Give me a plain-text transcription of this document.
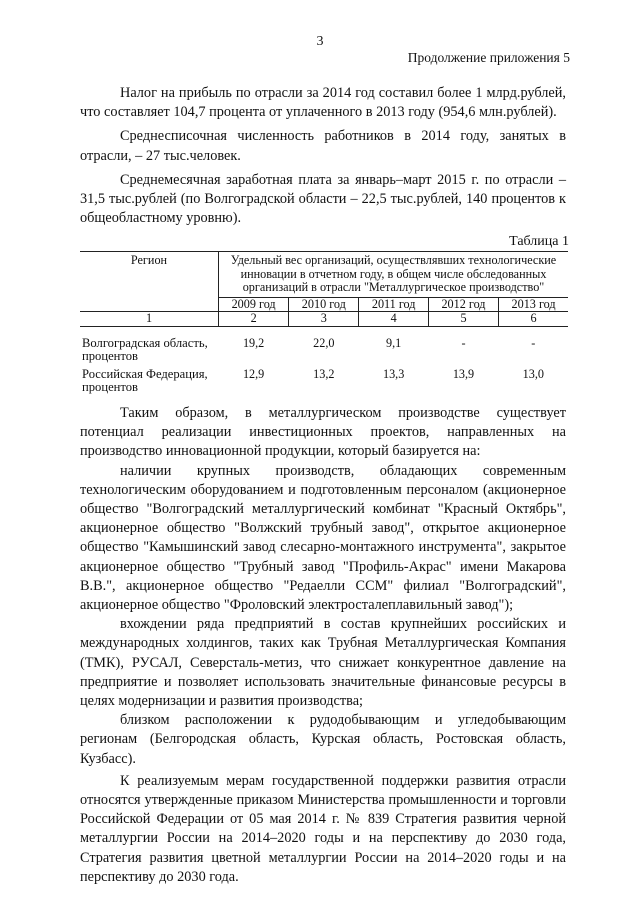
3
Продолжение приложения 5

Налог на прибыль по отрасли за 2014 год составил более 1 млрд.рублей, что составляет 104,7 процента от уплаченного в 2013 году (954,6 млн.рублей).

Среднесписочная численность работников в 2014 году, занятых в отрасли, – 27 тыс.человек.

Среднемесячная заработная плата за январь–март 2015 г. по отрасли – 31,5 тыс.рублей (по Волгоградской области – 22,5 тыс.рублей, 140 процентов к общеобластному уровню).

Таблица 1
Регион	Удельный вес организаций, осуществлявших технологические инновации в отчетном году, в общем числе обследованных организаций в отрасли "Металлургическое производство"				
	2009 год	2010 год	2011 год	2012 год	2013 год
1	2	3	4	5	6
Волгоградская область, процентов	19,2	22,0	9,1	-	-
Российская Федерация, процентов	12,9	13,2	13,3	13,9	13,0

Таким образом, в металлургическом производстве существует потенциал реализации инвестиционных проектов, направленных на производство инновационной продукции, который базируется на:

наличии крупных производств, обладающих современным технологическим оборудованием и подготовленным персоналом (акционерное общество "Волгоградский металлургический комбинат "Красный Октябрь", акционерное общество "Волжский трубный завод", открытое акционерное общество "Камышинский завод слесарно-монтажного инструмента", закрытое акционерное общество "Трубный завод "Профиль-Акрас" имени Макарова В.В.", акционерное общество "Редаелли ССМ" филиал "Волгоградский", акционерное общество "Фроловский электросталеплавильный завод");

вхождении ряда предприятий в состав крупнейших российских и международных холдингов, таких как Трубная Металлургическая Компания (ТМК), РУСАЛ, Северсталь-метиз, что снижает конкурентное давление на предприятие и позволяет использовать значительные финансовые ресурсы в целях модернизации и развития производства;

близком расположении к рудодобывающим и угледобывающим регионам (Белгородская область, Курская область, Ростовская область, Кузбасс).

К реализуемым мерам государственной поддержки развития отрасли относятся утвержденные приказом Министерства промышленности и торговли Российской Федерации от 05 мая 2014 г. № 839 Стратегия развития черной металлургии России на 2014–2020 годы и на перспективу до 2030 года, Стратегия развития цветной металлургии России на 2014–2020 годы и на перспективу до 2030 года.
